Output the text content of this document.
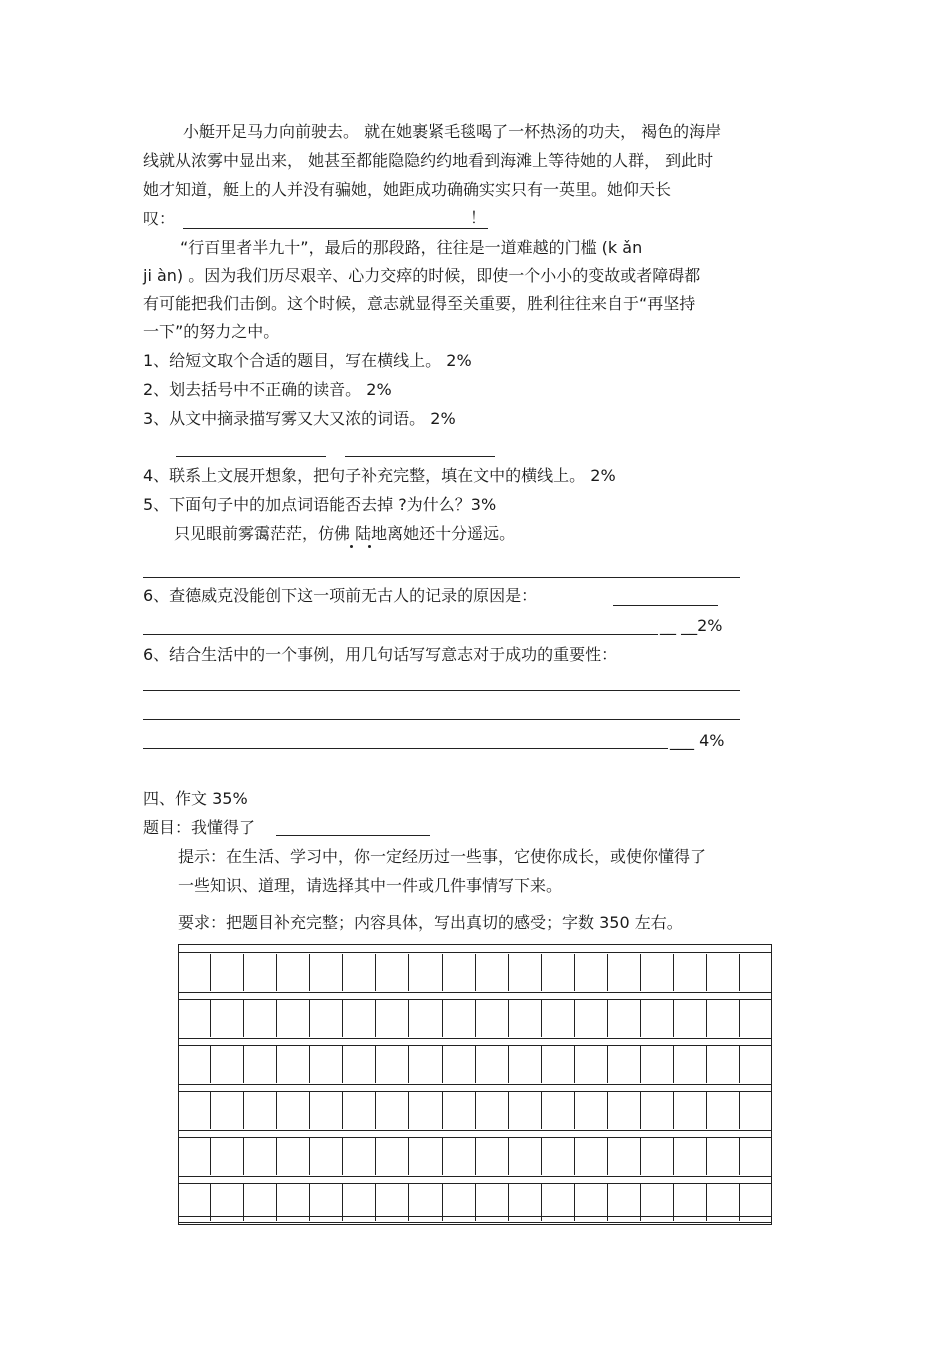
小艇开足马力向前驶去。 就在她裹紧毛毯喝了一杯热汤的功夫， 褐色的海岸
线就从浓雾中显出来， 她甚至都能隐隐约约地看到海滩上等待她的人群， 到此时
她才知道，艇上的人并没有骗她，她距成功确确实实只有一英里。她仰天长
叹：	！
“行百里者半九十”，最后的那段路，往往是一道难越的门槛 (k ǎn
ji àn) 。因为我们历尽艰辛、心力交瘁的时候，即使一个小小的变故或者障碍都
有可能把我们击倒。这个时候，意志就显得至关重要，胜利往往来自于“再坚持
一下”的努力之中。
1、给短文取个合适的题目，写在横线上。 2%
2、划去括号中不正确的读音。 2%
3、从文中摘录描写雾又大又浓的词语。 2%
4、联系上文展开想象，把句子补充完整，填在文中的横线上。 2%
5、下面句子中的加点词语能否去掉 ?为什么？3%
只见眼前雾霭茫茫，仿佛 陆地离她还十分遥远。
6、查德威克没能创下这一项前无古人的记录的原因是：
__ __2%
6、结合生活中的一个事例，用几句话写写意志对于成功的重要性：
___ 4%
四、作文 35%
题目：我懂得了
提示：在生活、学习中，你一定经历过一些事，它使你成长，或使你懂得了
一些知识、道理，请选择其中一件或几件事情写下来。
要求：把题目补充完整；内容具体，写出真切的感受；字数 350 左右。
